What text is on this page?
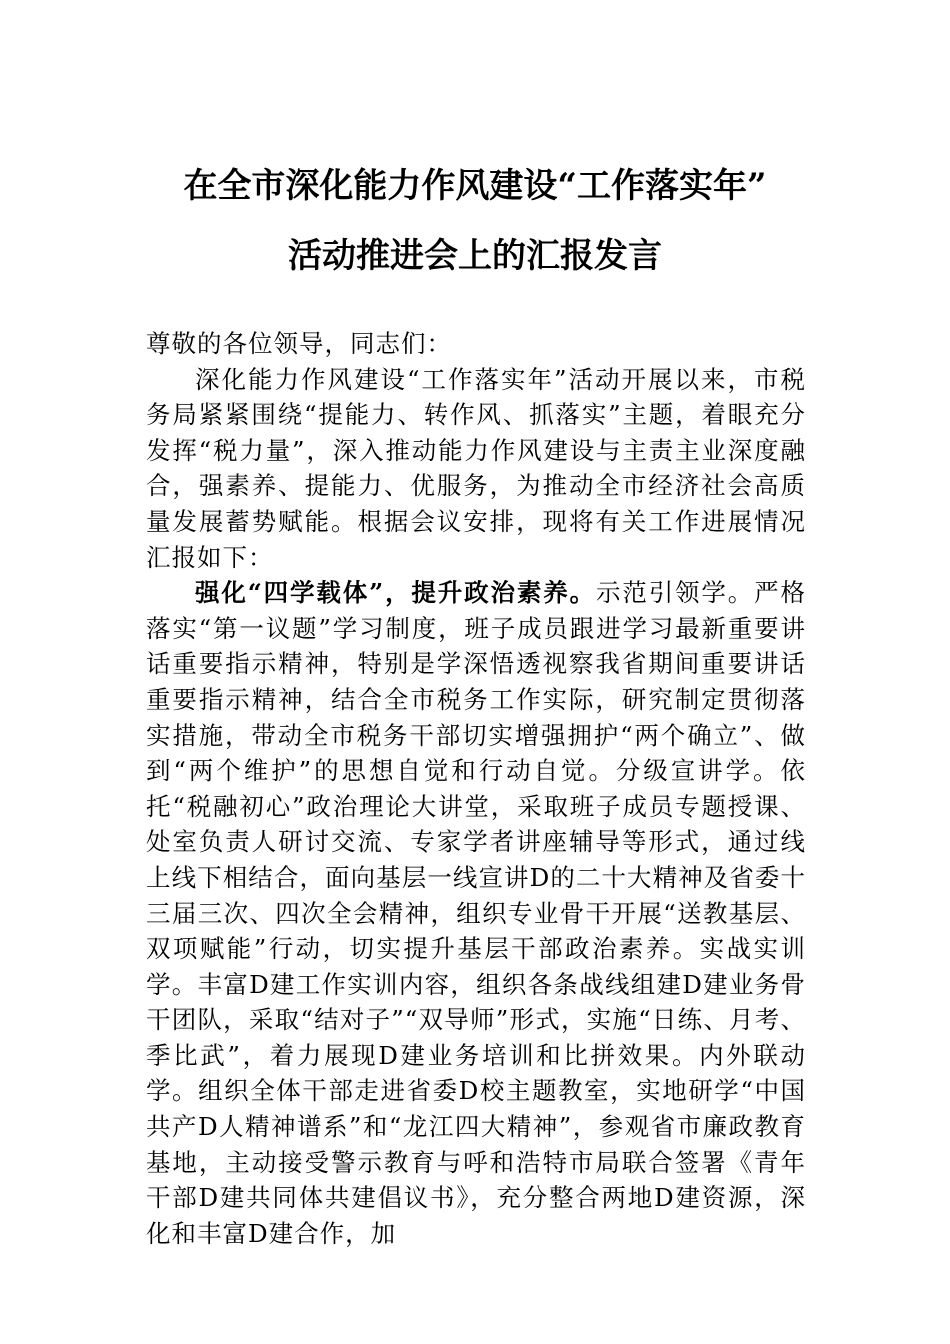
在全市深化能力作风建设“工作落实年”
活动推进会上的汇报发言

尊敬的各位领导，同志们：

深化能力作风建设“工作落实年”活动开展以来，市税务局紧紧围绕“提能力、转作风、抓落实”主题，着眼充分发挥“税力量”，深入推动能力作风建设与主责主业深度融合，强素养、提能力、优服务，为推动全市经济社会高质量发展蓄势赋能。根据会议安排，现将有关工作进展情况汇报如下：

强化“四学载体”，提升政治素养。示范引领学。严格落实“第一议题”学习制度，班子成员跟进学习最新重要讲话重要指示精神，特别是学深悟透视察我省期间重要讲话重要指示精神，结合全市税务工作实际，研究制定贯彻落实措施，带动全市税务干部切实增强拥护“两个确立”、做到“两个维护”的思想自觉和行动自觉。分级宣讲学。依托“税融初心”政治理论大讲堂，采取班子成员专题授课、处室负责人研讨交流、专家学者讲座辅导等形式，通过线上线下相结合，面向基层一线宣讲D的二十大精神及省委十三届三次、四次全会精神，组织专业骨干开展“送教基层、双项赋能”行动，切实提升基层干部政治素养。实战实训学。丰富D建工作实训内容，组织各条战线组建D建业务骨干团队，采取“结对子”“双导师”形式，实施“日练、月考、季比武”，着力展现D建业务培训和比拼效果。内外联动学。组织全体干部走进省委D校主题教室，实地研学“中国共产D人精神谱系”和“龙江四大精神”，参观省市廉政教育基地，主动接受警示教育与呼和浩特市局联合签署《青年干部D建共同体共建倡议书》，充分整合两地D建资源，深化和丰富D建合作，加
